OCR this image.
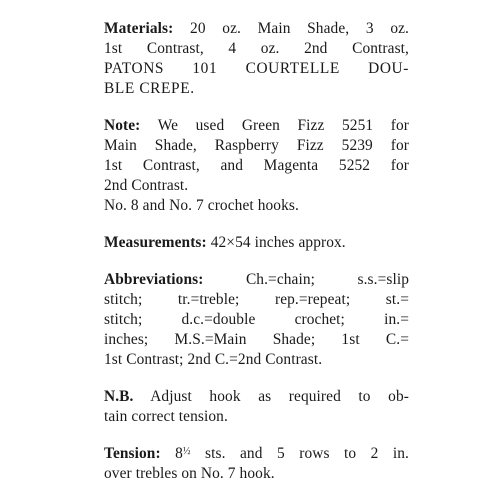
Materials: 20 oz. Main Shade, 3 oz.
1st Contrast, 4 oz. 2nd Contrast,
PATONS 101 COURTELLE DOU-
BLE CREPE.

Note: We used Green Fizz 5251 for
Main Shade, Raspberry Fizz 5239 for
1st Contrast, and Magenta 5252 for
2nd Contrast.
No. 8 and No. 7 crochet hooks.

Measurements: 42×54 inches approx.

Abbreviations: Ch.=chain; s.s.=slip
stitch; tr.=treble; rep.=repeat; st.=
stitch; d.c.=double crochet; in.=
inches; M.S.=Main Shade; 1st C.=
1st Contrast; 2nd C.=2nd Contrast.

N.B. Adjust hook as required to ob-
tain correct tension.

Tension: 8½ sts. and 5 rows to 2 in.
over trebles on No. 7 hook.
